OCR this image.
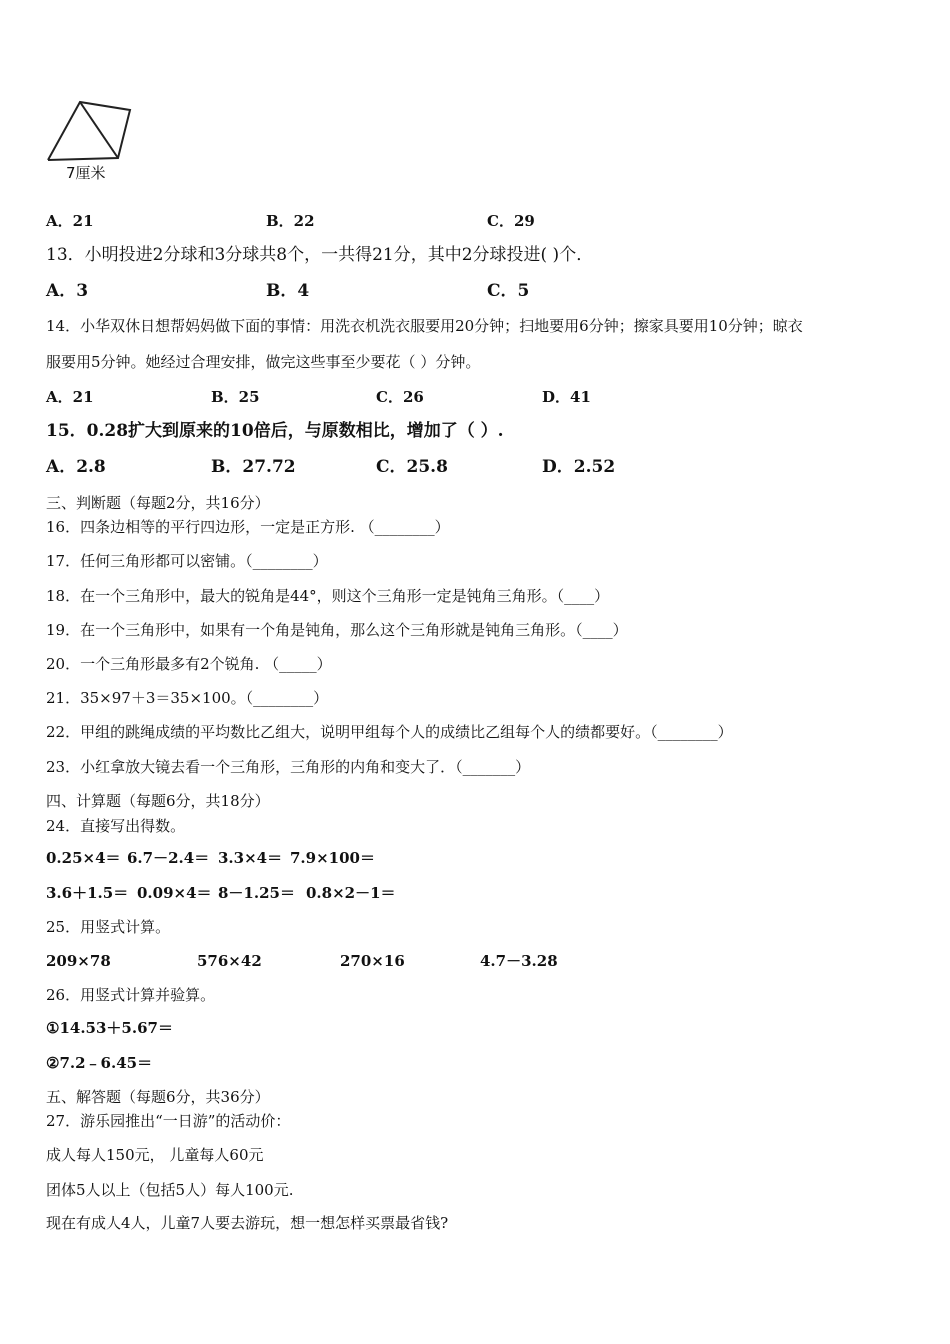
7厘米
A．21	B．22	C．29
13．小明投进2分球和3分球共8个，一共得21分，其中2分球投进( )个．
A．3	B．4	C．5
14．小华双休日想帮妈妈做下面的事情：用洗衣机洗衣服要用20分钟；扫地要用6分钟；擦家具要用10分钟；晾衣
服要用5分钟。她经过合理安排，做完这些事至少要花（ ）分钟。
A．21	B．25	C．26	D．41
15．0.28扩大到原来的10倍后，与原数相比，增加了（ ）.
A．2.8	B．27.72	C．25.8	D．2.52
三、判断题（每题2分，共16分）
16．四条边相等的平行四边形，一定是正方形. （________）
17．任何三角形都可以密铺。（________）
18．在一个三角形中，最大的锐角是44°，则这个三角形一定是钝角三角形。（____）
19．在一个三角形中，如果有一个角是钝角，那么这个三角形就是钝角三角形。（____）
20．一个三角形最多有2个锐角. （_____）
21．35×97＋3＝35×100。（________）
22．甲组的跳绳成绩的平均数比乙组大，说明甲组每个人的成绩比乙组每个人的绩都要好。（________）
23．小红拿放大镜去看一个三角形，三角形的内角和变大了．（_______）
四、计算题（每题6分，共18分）
24．直接写出得数。
0.25×4＝ 6.7－2.4＝ 3.3×4＝ 7.9×100＝
3.6＋1.5＝ 0.09×4＝ 8－1.25＝ 0.8×2－1＝
25．用竖式计算。
209×78	576×42	270×16	4.7－3.28
26．用竖式计算并验算。
①14.53＋5.67＝
②7.2﹣6.45＝
五、解答题（每题6分，共36分）
27．游乐园推出“一日游”的活动价：
成人每人150元， 儿童每人60元
团体5人以上（包括5人）每人100元.
现在有成人4人，儿童7人要去游玩，想一想怎样买票最省钱?
